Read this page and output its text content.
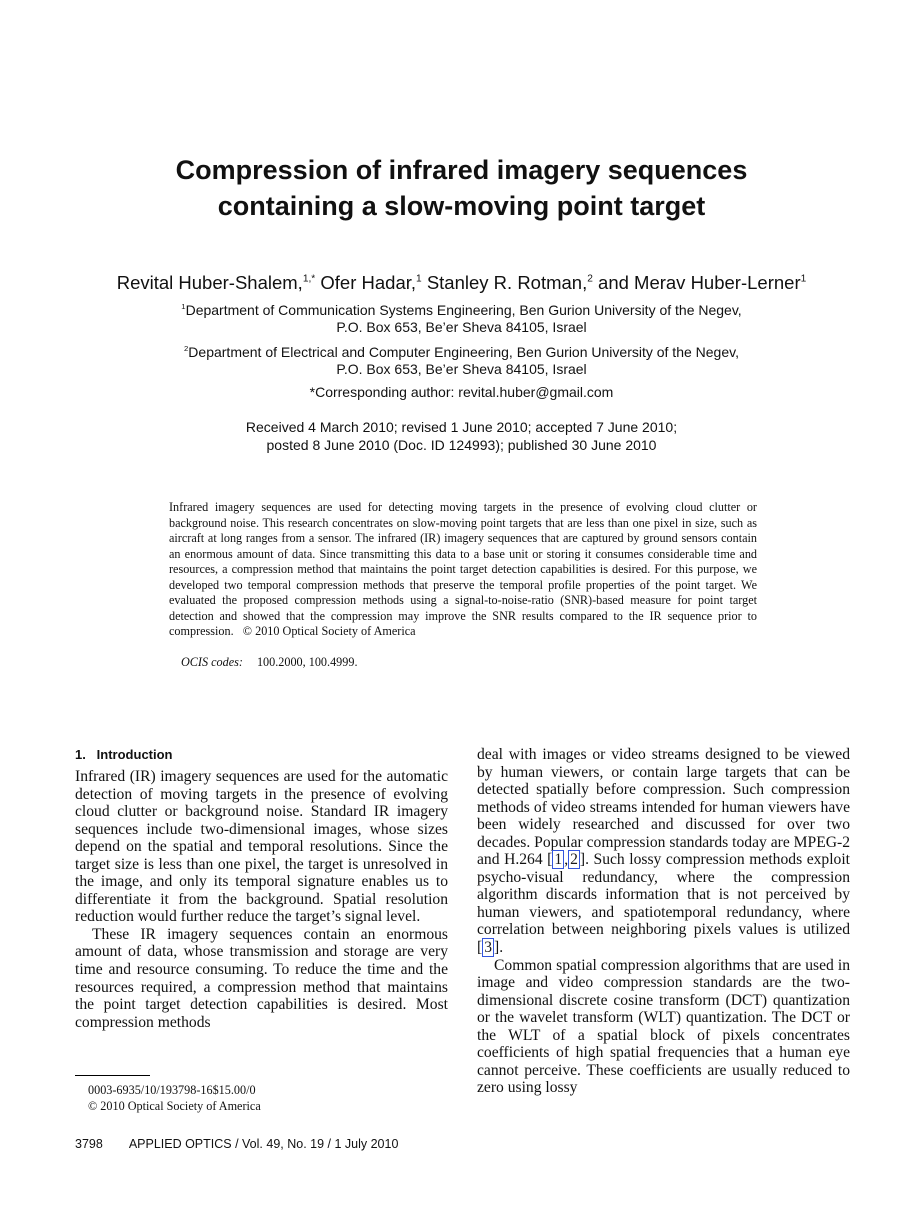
Compression of infrared imagery sequences
containing a slow-moving point target
Revital Huber-Shalem,$^{1,*}$ Ofer Hadar,$^1$ Stanley R. Rotman,$^2$ and Merav Huber-Lerner$^1$
$^1$Department of Communication Systems Engineering, Ben Gurion University of the Negev,
P.O. Box 653, Be’er Sheva 84105, Israel
$^2$Department of Electrical and Computer Engineering, Ben Gurion University of the Negev,
P.O. Box 653, Be’er Sheva 84105, Israel
*Corresponding author: revital.huber@gmail.com
Received 4 March 2010; revised 1 June 2010; accepted 7 June 2010;
posted 8 June 2010 (Doc. ID 124993); published 30 June 2010
Infrared imagery sequences are used for detecting moving targets in the presence of evolving cloud clutter or background noise. This research concentrates on slow-moving point targets that are less than one pixel in size, such as aircraft at long ranges from a sensor. The infrared (IR) imagery sequences that are captured by ground sensors contain an enormous amount of data. Since transmitting this data to a base unit or storing it consumes considerable time and resources, a compression method that maintains the point target detection capabilities is desired. For this purpose, we developed two temporal compression methods that preserve the temporal profile properties of the point target. We evaluated the proposed compression methods using a signal-to-noise-ratio (SNR)-based measure for point target detection and showed that the compression may improve the SNR results compared to the IR sequence prior to compression. © 2010 Optical Society of America
OCIS codes: 100.2000, 100.4999.
1.   Introduction

Infrared (IR) imagery sequences are used for the automatic detection of moving targets in the presence of evolving cloud clutter or background noise. Standard IR imagery sequences include two-dimensional images, whose sizes depend on the spatial and temporal resolutions. Since the target size is less than one pixel, the target is unresolved in the image, and only its temporal signature enables us to differentiate it from the background. Spatial resolution reduction would further reduce the target’s signal level.

These IR imagery sequences contain an enormous amount of data, whose transmission and storage are very time and resource consuming. To reduce the time and the resources required, a compression method that maintains the point target detection capabilities is desired. Most compression methods

deal with images or video streams designed to be viewed by human viewers, or contain large targets that can be detected spatially before compression. Such compression methods of video streams intended for human viewers have been widely researched and discussed for over two decades. Popular compression standards today are MPEG-2 and H.264 [ 1 , 2 ]. Such lossy compression methods exploit psycho-visual redundancy, where the compression algorithm discards information that is not perceived by human viewers, and spatiotemporal redundancy, where correlation between neighboring pixels values is utilized [ 3 ].

Common spatial compression algorithms that are used in image and video compression standards are the two-dimensional discrete cosine transform (DCT) quantization or the wavelet transform (WLT) quantization. The DCT or the WLT of a spatial block of pixels concentrates coefficients of high spatial frequencies that a human eye cannot perceive. These coefficients are usually reduced to zero using lossy

0003-6935/10/193798-16$15.00/0
© 2010 Optical Society of America
3798 APPLIED OPTICS / Vol. 49, No. 19 / 1 July 2010
